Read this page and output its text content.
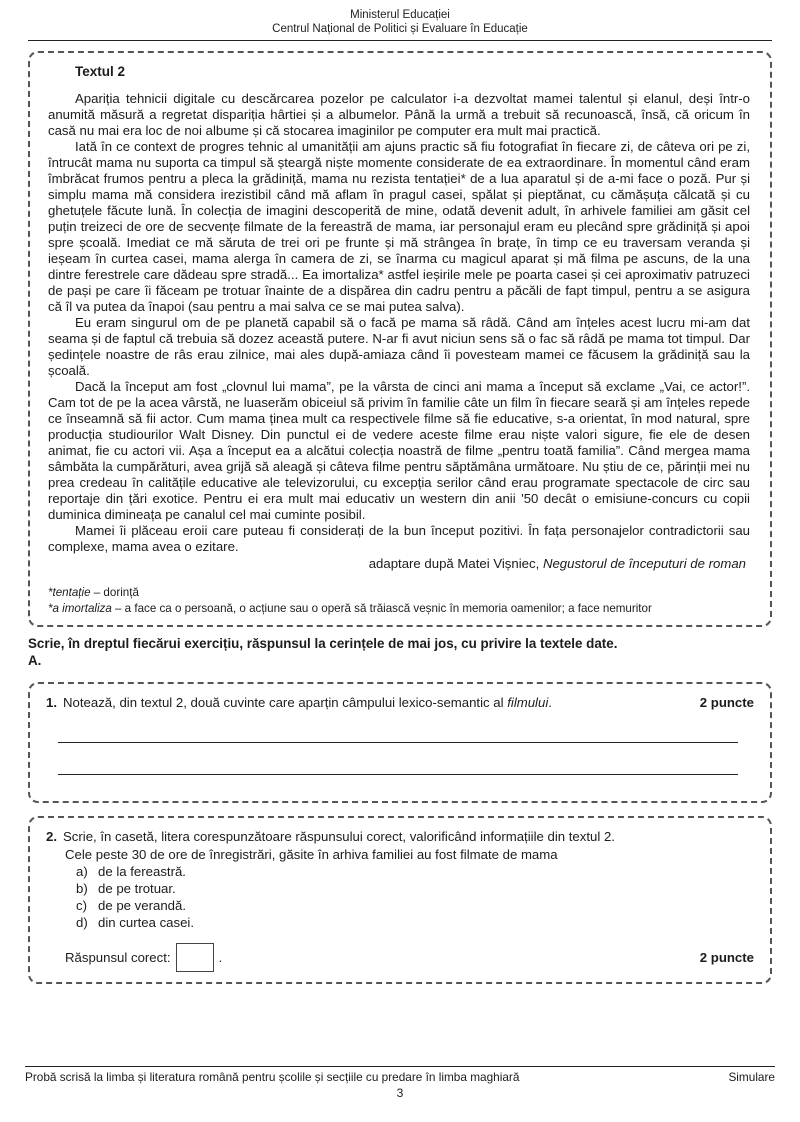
Ministerul Educației
Centrul Național de Politici și Evaluare în Educație
Textul 2

Apariția tehnicii digitale cu descărcarea pozelor pe calculator i-a dezvoltat mamei talentul și elanul, deși într-o anumită măsură a regretat dispariția hârtiei și a albumelor. Până la urmă a trebuit să recunoască, însă, că oricum în casă nu mai era loc de noi albume și că stocarea imaginilor pe computer era mult mai practică.

Iată în ce context de progres tehnic al umanității am ajuns practic să fiu fotografiat în fiecare zi, de câteva ori pe zi, întrucât mama nu suporta ca timpul să șteargă niște momente considerate de ea extraordinare. În momentul când eram îmbrăcat frumos pentru a pleca la grădiniță, mama nu rezista tentației* de a lua aparatul și de a-mi face o poză. Pur și simplu mama mă considera irezistibil când mă aflam în pragul casei, spălat și pieptănat, cu cămășuța călcată și cu ghetuțele făcute lună. În colecția de imagini descoperită de mine, odată devenit adult, în arhivele familiei am găsit cel puțin treizeci de ore de secvențe filmate de la fereastră de mama, iar personajul eram eu plecând spre grădiniță și apoi spre școală. Imediat ce mă săruta de trei ori pe frunte și mă strângea în brațe, în timp ce eu traversam veranda și ieșeam în curtea casei, mama alerga în camera de zi, se înarma cu magicul aparat și mă filma pe ascuns, de la una dintre ferestrele care dădeau spre stradă... Ea imortaliza* astfel ieșirile mele pe poarta casei și cei aproximativ patruzeci de pași pe care îi făceam pe trotuar înainte de a dispărea din cadru pentru a păcăli de fapt timpul, pentru a se asigura că îl va putea da înapoi (sau pentru a mai salva ce se mai putea salva).

Eu eram singurul om de pe planetă capabil să o facă pe mama să râdă. Când am înțeles acest lucru mi-am dat seama și de faptul că trebuia să dozez această putere. N-ar fi avut niciun sens să o fac să râdă pe mama tot timpul. Dar ședințele noastre de râs erau zilnice, mai ales după-amiaza când îi povesteam mamei ce făcusem la grădiniță sau la școală.

Dacă la început am fost „clovnul lui mama”, pe la vârsta de cinci ani mama a început să exclame „Vai, ce actor!”. Cam tot de pe la acea vârstă, ne luaserăm obiceiul să privim în familie câte un film în fiecare seară și am înțeles repede ce înseamnă să fii actor. Cum mama ținea mult ca respectivele filme să fie educative, s-a orientat, în mod natural, spre producția studiourilor Walt Disney. Din punctul ei de vedere aceste filme erau niște valori sigure, fie ele de desen animat, fie cu actori vii. Așa a început ea a alcătui colecția noastră de filme „pentru toată familia”. Când mergea mama sâmbăta la cumpărături, avea grijă să aleagă și câteva filme pentru săptămâna următoare. Nu știu de ce, părinții mei nu prea credeau în calitățile educative ale televizorului, cu excepția serilor când erau programate spectacole de circ sau reportaje din țări exotice. Pentru ei era mult mai educativ un western din anii '50 decât o emisiune-concurs cu copii duminica dimineața pe canalul cel mai cuminte posibil.

Mamei îi plăceau eroii care puteau fi considerați de la bun început pozitivi. În fața personajelor contradictorii sau complexe, mama avea o ezitare.

adaptare după Matei Vișniec, Negustorul de începuturi de roman

*tentație – dorință
*a imortaliza – a face ca o persoană, o acțiune sau o operă să trăiască veșnic în memoria oamenilor; a face nemuritor

Scrie, în dreptul fiecărui exercițiu, răspunsul la cerințele de mai jos, cu privire la textele date.

A.

1. Notează, din textul 2, două cuvinte care aparțin câmpului lexico-semantic al filmului.	2 puncte
2. Scrie, în casetă, litera corespunzătoare răspunsului corect, valorificând informațiile din textul 2.
Cele peste 30 de ore de înregistrări, găsite în arhiva familiei au fost filmate de mama
a) de la fereastră.
b) de pe trotuar.
c) de pe verandă.
d) din curtea casei.
Răspunsul corect:	.	2 puncte
Probă scrisă la limba și literatura română pentru școlile și secțiile cu predare în limba maghiară	Simulare
3
